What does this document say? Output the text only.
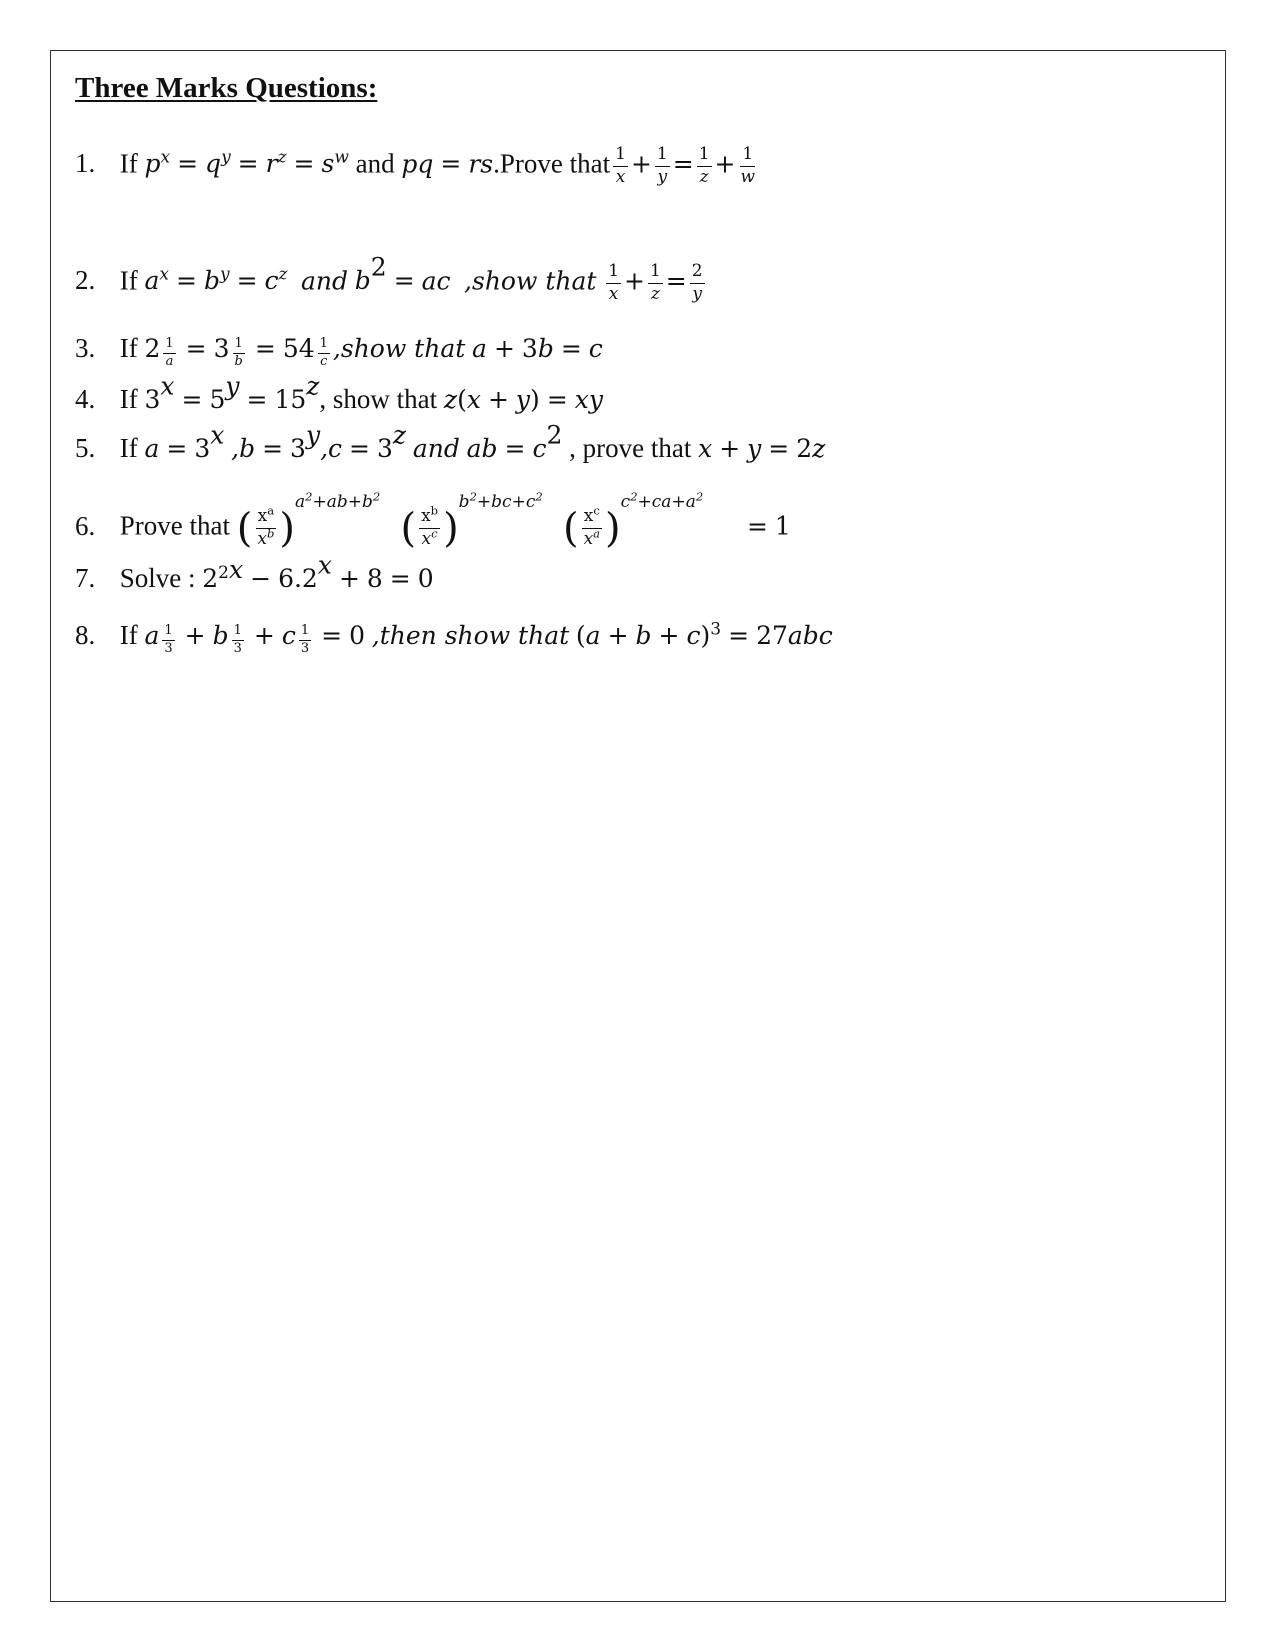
Three Marks Questions:
1. If $p^x = q^y = r^z = s^w$ and pq = rs.Prove that $\frac{1}{x} + \frac{1}{y} = \frac{1}{z} + \frac{1}{w}$
2. If $a^x = b^y = c^z$ and $b^2$ = ac ,show that $\frac{1}{x} + \frac{1}{z} = \frac{2}{y}$
3. If $2 \frac{1}{a} = 3 \frac{1}{b} = 54 \frac{1}{c}$ ,show that a + 3b = c
4. If $3^x = 5^y = 15^z$, show that z(x + y) = xy
5. If $a = 3^x$ $,b = 3^y,c = 3^z$ and ab = $c^2$ , prove that x + y = 2z
6. Prove that ( $\frac{x^a}{x^b} )^{a^2+ab+b^2}$   ( $\frac{x^b}{x^c} )^{b^2+bc+c^2}$   ( $\frac{x^c}{x^a} )^{c^2+ca+a^2} = 1$
7. Solve : $2^{2x} - 6.2^x + 8 = 0$
8. If a $\frac{1}{3} + b \frac{1}{3} + c \frac{1}{3} = 0$ ,then show that $(a + b + c)^3 = 27abc$
